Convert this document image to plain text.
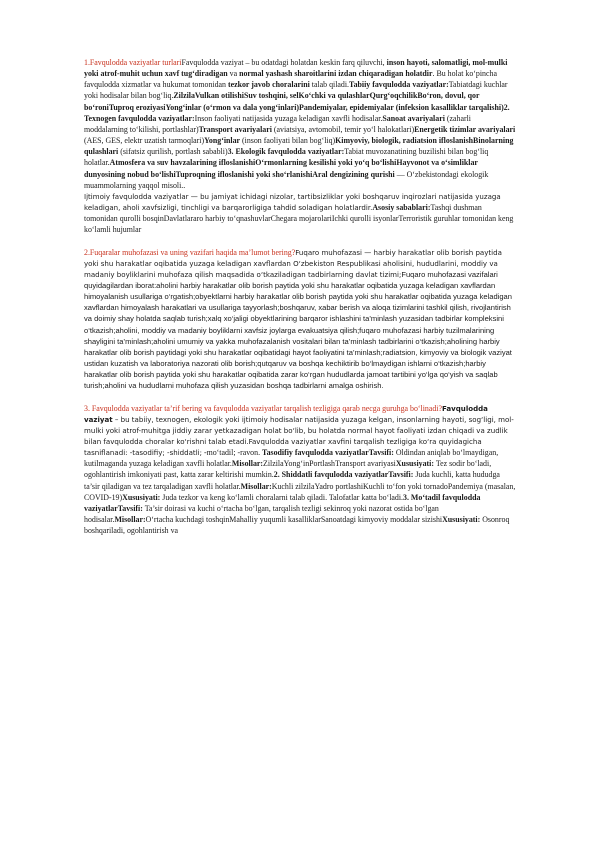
1.Favqulodda vaziyatlar turlariFavqulodda vaziyat – bu odatdagi holatdan keskin farq qiluvchi, inson hayoti, salomatligi, mol-mulki yoki atrof-muhit uchun xavf tug‘diradigan va normal yashash sharoitlarini izdan chiqaradigan holatdir. Bu holat ko‘pincha favqulodda xizmatlar va hukumat tomonidan tezkor javob choralarini talab qiladi.Tabiiy favqulodda vaziyatlar:Tabiatdagi kuchlar yoki hodisalar bilan bog‘liq.ZilzilaVulkan otilishiSuv toshqini, selKo‘chki va qulashlarQurg‘oqchilikBo‘ron, dovul, qor bo‘roniTuproq eroziyasiYong‘inlar (o‘rmon va dala yong‘inlari)Pandemiyalar, epidemiyalar (infeksion kasalliklar tarqalishi)2. Texnogen favqulodda vaziyatlar:Inson faoliyati natijasida yuzaga keladigan xavfli hodisalar.Sanoat avariyalari (zaharli moddalarning to‘kilishi, portlashlar)Transport avariyalari (aviatsiya, avtomobil, temir yo‘l halokatlari)Energetik tizimlar avariyalari (AES, GES, elektr uzatish tarmoqlari)Yong‘inlar (inson faoliyati bilan bog‘liq)Kimyoviy, biologik, radiatsion ifloslanishBinolarning qulashlari (sifatsiz qurilish, portlash sababli)3. Ekologik favqulodda vaziyatlar:Tabiat muvozanatining buzilishi bilan bog‘liq holatlar.Atmosfera va suv havzalarining ifloslanishiO‘rmonlarning kesilishi yoki yo‘q bo‘lishiHayvonot va o‘simliklar dunyosining nobud bo‘lishiTuproqning ifloslanishi yoki sho‘rlanishiAral dengizining qurishi — O‘zbekistondagi ekologik muammolarning yaqqol misoli..

Ijtimoiy favqulodda vaziyatlar — bu jamiyat ichidagi nizolar, tartibsizliklar yoki boshqaruv inqirozlari natijasida yuzaga keladigan, aholi xavfsizligi, tinchligi va barqarorligiga tahdid soladigan holatlardir.Asosiy sabablari:Tashqi dushman tomonidan qurolli bosqinDavlatlararo harbiy to‘qnashuvlarChegara mojarolariIchki qurolli isyonlarTerroristik guruhlar tomonidan keng ko‘lamli hujumlar

2.Fuqaralar muhofazasi va uning vazifari haqida ma’lumot bering?Fuqaro muhofazasi — harbiy harakatlar olib borish paytida yoki shu harakatlar oqibatida yuzaga keladigan xavflardan O‘zbekiston Respublikasi aholisini, hududlarini, moddiy va madaniy boyliklarini muhofaza qilish maqsadida o‘tkaziladigan tadbirlarning davlat tizimi;Fuqaro muhofazasi vazifalari quyidagilardan iborat:aholini harbiy harakatlar olib borish paytida yoki shu harakatlar oqibatida yuzaga keladigan xavflardan himoyalanish usullariga o‘rgatish;obyektlarni harbiy harakatlar olib borish paytida yoki shu harakatlar oqibatida yuzaga keladigan xavflardan himoyalash harakatlari va usullariga tayyorlash;boshqaruv, xabar berish va aloqa tizimlarini tashkil qilish, rivojlantirish va doimiy shay holatda saqlab turish;xalq xo‘jaligi obyektlarining barqaror ishlashini ta’minlash yuzasidan tadbirlar kompleksini o‘tkazish;aholini, moddiy va madaniy boyliklarni xavfsiz joylarga evakuatsiya qilish;fuqaro muhofazasi harbiy tuzilmalarining shayligini ta’minlash;aholini umumiy va yakka muhofazalanish vositalari bilan ta’minlash tadbirlarini o‘tkazish;aholining harbiy harakatlar olib borish paytidagi yoki shu harakatlar oqibatidagi hayot faoliyatini ta’minlash;radiatsion, kimyoviy va biologik vaziyat ustidan kuzatish va laboratoriya nazorati olib borish;qutqaruv va boshqa kechiktirib bo‘lmaydigan ishlarni o‘tkazish;harbiy harakatlar olib borish paytida yoki shu harakatlar oqibatida zarar ko‘rgan hududlarda jamoat tartibini yo‘lga qo‘yish va saqlab turish;aholini va hududlarni muhofaza qilish yuzasidan boshqa tadbirlarni amalga oshirish.

3. Favqulodda vaziyatlar ta’rif bering va favqulodda vaziyatlar tarqalish tezligiga qarab necga guruhga bo‘linadi?Favqulodda vaziyat – bu tabiiy, texnogen, ekologik yoki ijtimoiy hodisalar natijasida yuzaga kelgan, insonlarning hayoti, sog‘ligi, mol-mulki yoki atrof-muhitga jiddiy zarar yetkazadigan holat bo‘lib, bu holatda normal hayot faoliyati izdan chiqadi va zudlik bilan favqulodda choralar ko‘rishni talab etadi.Favqulodda vaziyatlar xavfini tarqalish tezligiga ko‘ra quyidagicha tasniflanadi: -tasodifiy; -shiddatli; -mo‘tadil; -ravon. Tasodifiy favqulodda vaziyatlarTavsifi: Oldindan aniqlab bo‘lmaydigan, kutilmaganda yuzaga keladigan xavfli holatlar.Misollar:ZilzilaYong‘inPortlashTransport avariyasiXususiyati: Tez sodir bo‘ladi, ogohlantirish imkoniyati past, katta zarar keltirishi mumkin.2. Shiddatli favqulodda vaziyatlarTavsifi: Juda kuchli, katta hududga ta’sir qiladigan va tez tarqaladigan xavfli holatlar.Misollar:Kuchli zilzilaYadro portlashiKuchli to‘fon yoki tornadoPandemiya (masalan, COVID-19)Xususiyati: Juda tezkor va keng ko‘lamli choralarni talab qiladi. Talofatlar katta bo‘ladi.3. Mo‘tadil favqulodda vaziyatlarTavsifi: Ta’sir doirasi va kuchi o‘rtacha bo‘lgan, tarqalish tezligi sekinroq yoki nazorat ostida bo‘lgan hodisalar.Misollar:O‘rtacha kuchdagi toshqinMahalliy yuqumli kasalliklarSanoatdagi kimyoviy moddalar sizishiXususiyati: Osonroq boshqariladi, ogohlantirish va
